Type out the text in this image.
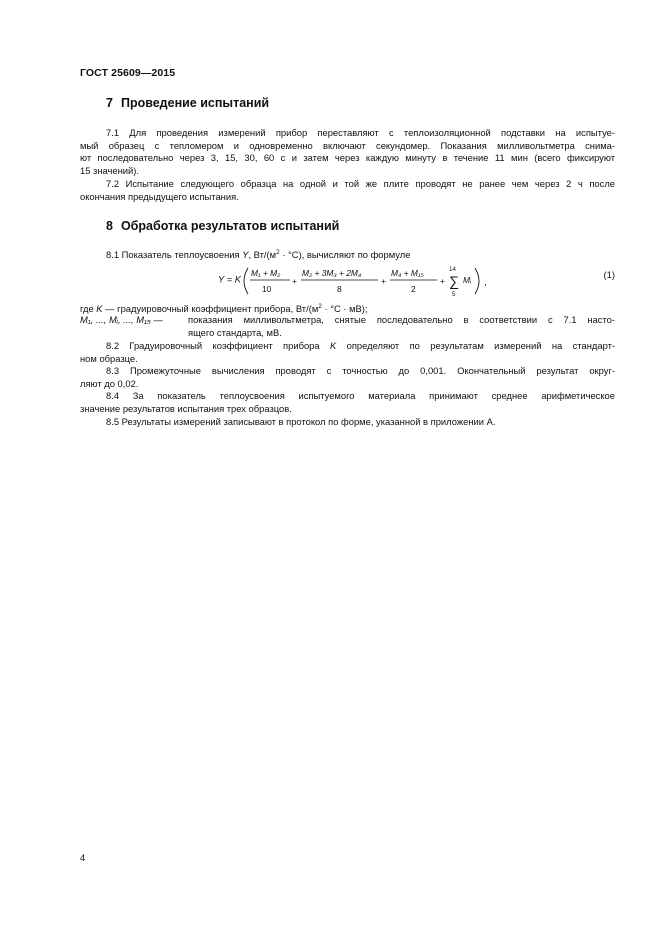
ГОСТ 25609—2015
7 Проведение испытаний
7.1 Для проведения измерений прибор переставляют с теплоизоляционной подставки на испытуе-
мый образец с тепломером и одновременно включают секундомер. Показания милливольтметра снима-
ют последовательно через 3, 15, 30, 60 с и затем через каждую минуту в течение 11 мин (всего фиксируют
15 значений).
7.2 Испытание следующего образца на одной и той же плите проводят не ранее чем через 2 ч после
окончания предыдущего испытания.
8 Обработка результатов испытаний
8.1 Показатель теплоусвоения Y, $Вт/(м^2 \cdot ^\circ С)$, вычисляют по формуле
Y = K
M₁ + M₂
10
+
M₂ + 3M₃ + 2M₄
8
+
M₄ + M₁₅
2
+
14
∑
5
Mᵢ ,
(1)
где K — градуировочный коэффициент прибора, $Вт/(м^2 \cdot ^\circ С \cdot мВ)$;
M₁, ..., Mᵢ, ..., M₁₅ —	показания милливольтметра, снятые последовательно в соответствии с 7.1 насто-
ящего стандарта, мВ.
8.2 Градуировочный коэффициент прибора K определяют по результатам измерений на стандарт-
ном образце.
8.3 Промежуточные вычисления проводят с точностью до 0,001. Окончательный результат округ-
ляют до 0,02.
8.4 За показатель теплоусвоения испытуемого материала принимают среднее арифметическое
значение результатов испытания трех образцов.
8.5 Результаты измерений записывают в протокол по форме, указанной в приложении А.
4
